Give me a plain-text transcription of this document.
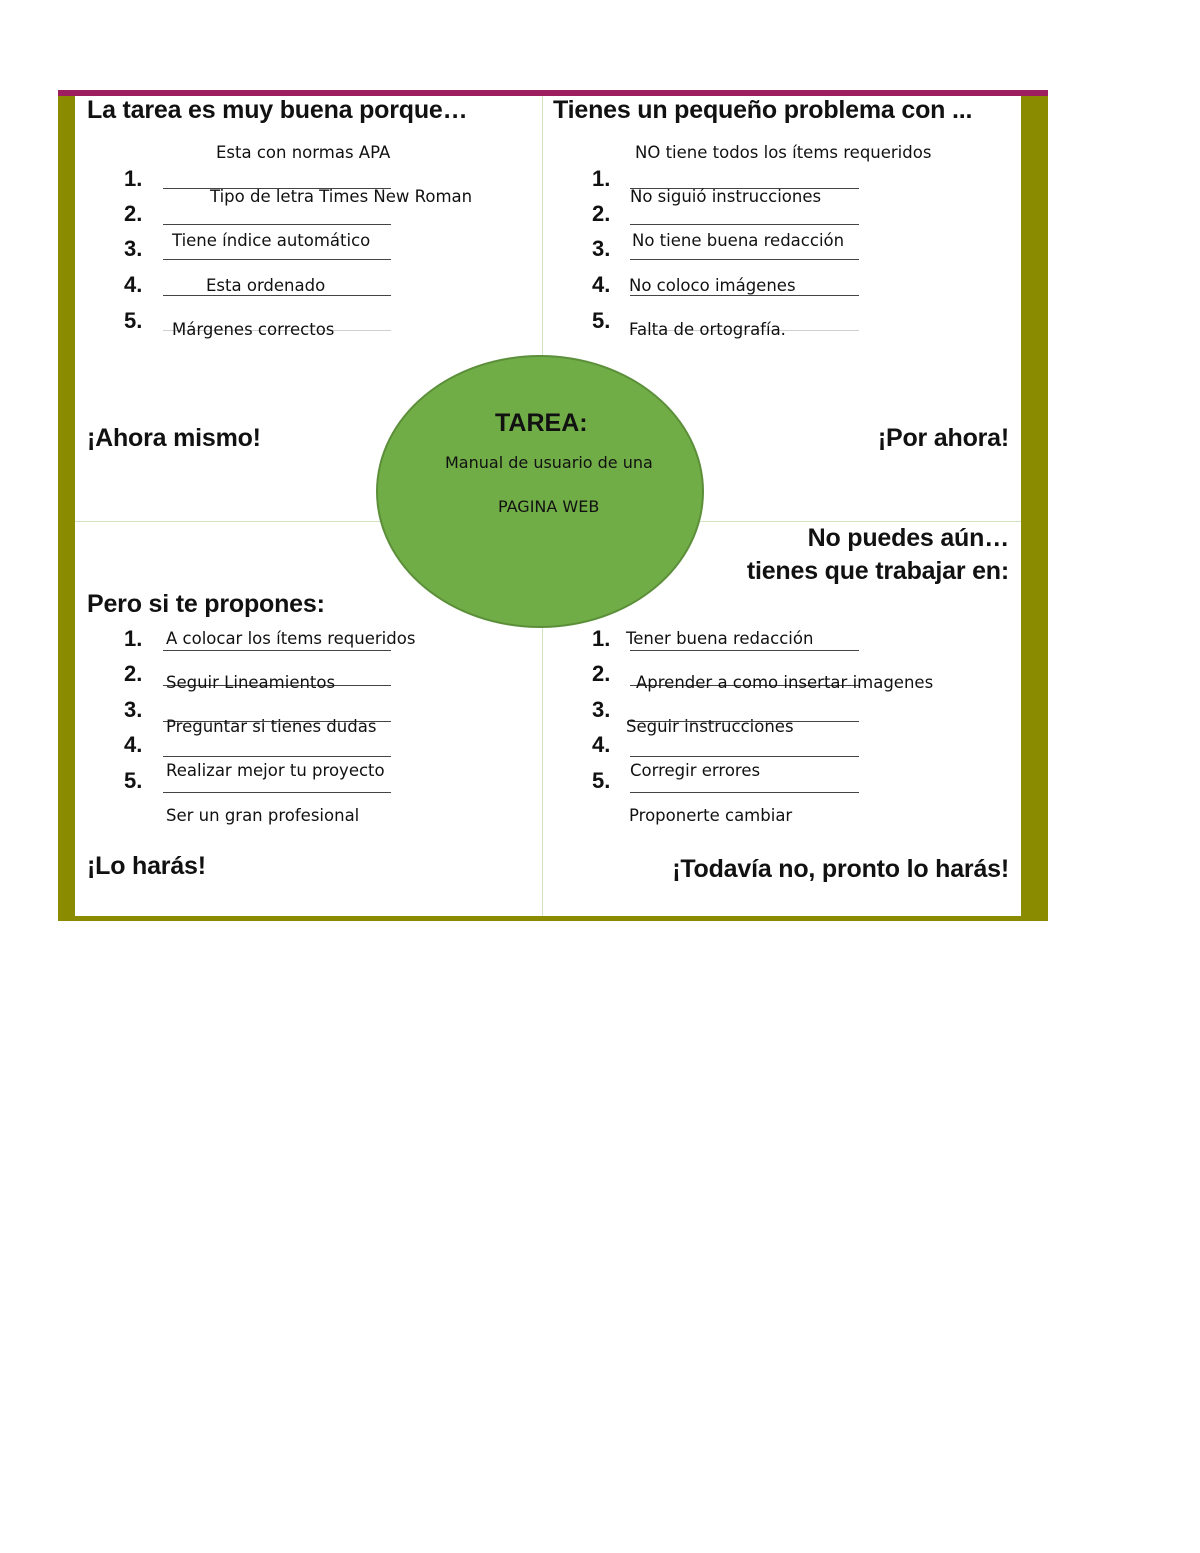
La tarea es muy buena porque…
1.
2.
3.
4.
5.
Esta con normas APA
Tipo de letra Times New Roman
Tiene índice automático
Esta ordenado
Márgenes correctos
¡Ahora mismo!
Tienes un pequeño problema con ...
1.
2.
3.
4.
5.
NO tiene todos los ítems requeridos
No siguió instrucciones
No tiene buena redacción
No coloco imágenes
Falta de ortografía.
¡Por ahora!
Pero si te propones:
1.
2.
3.
4.
5.
A colocar los ítems requeridos
Seguir Lineamientos
Preguntar si tienes dudas
Realizar mejor tu proyecto
Ser un gran profesional
¡Lo harás!
No puedes aún…
tienes que trabajar en:
1.
2.
3.
4.
5.
Tener buena redacción
Aprender a como insertar imagenes
Seguir instrucciones
Corregir errores
Proponerte cambiar
¡Todavía no, pronto lo harás!
TAREA:
Manual de usuario de una
PAGINA WEB
